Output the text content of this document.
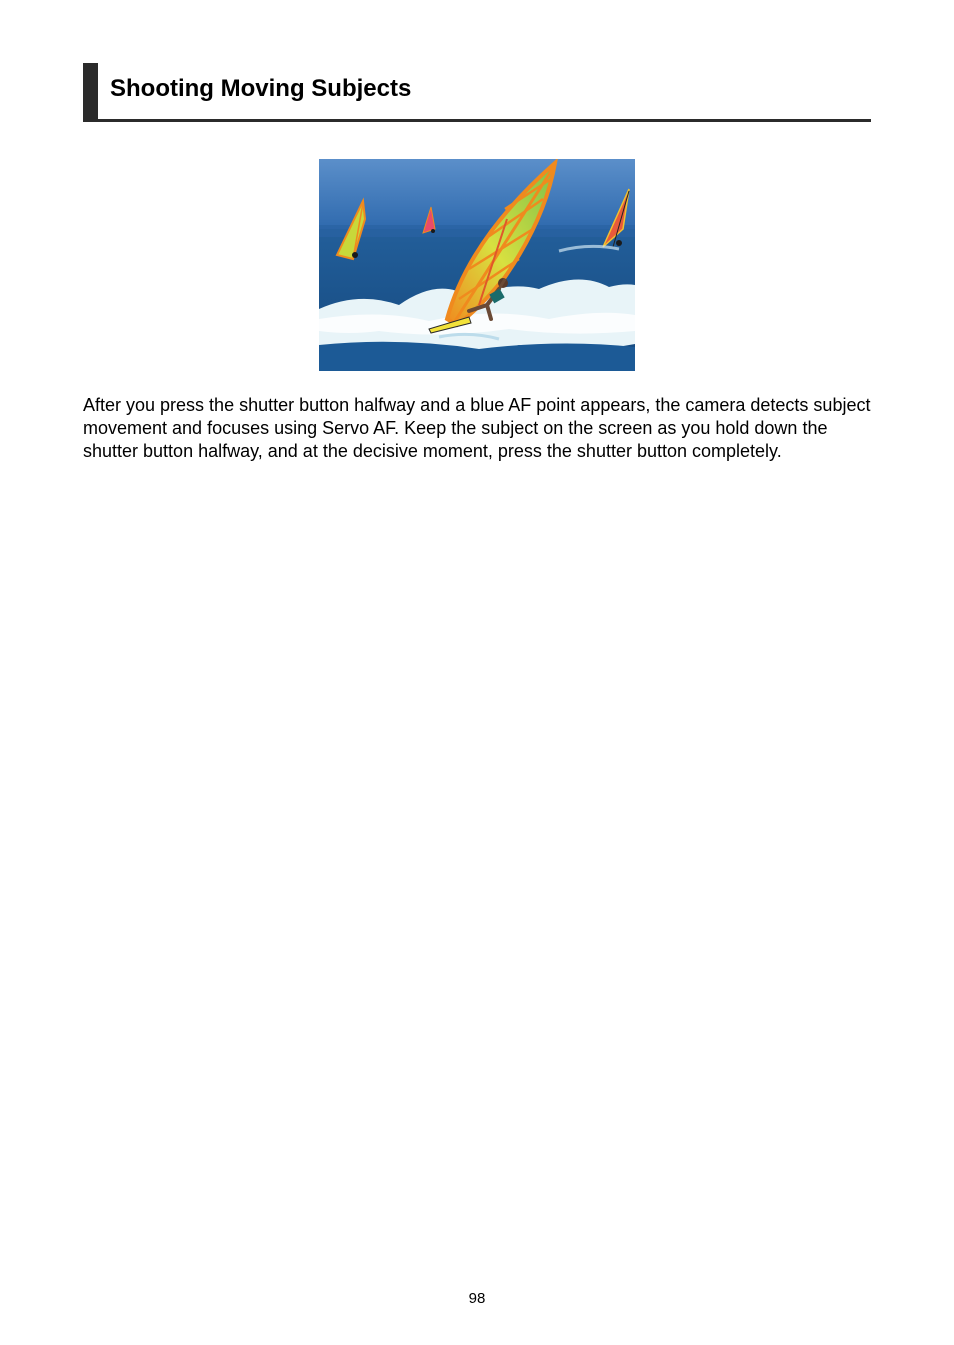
Shooting Moving Subjects

After you press the shutter button halfway and a blue AF point appears, the camera detects subject movement and focuses using Servo AF. Keep the subject on the screen as you hold down the shutter button halfway, and at the decisive moment, press the shutter button completely.

98
